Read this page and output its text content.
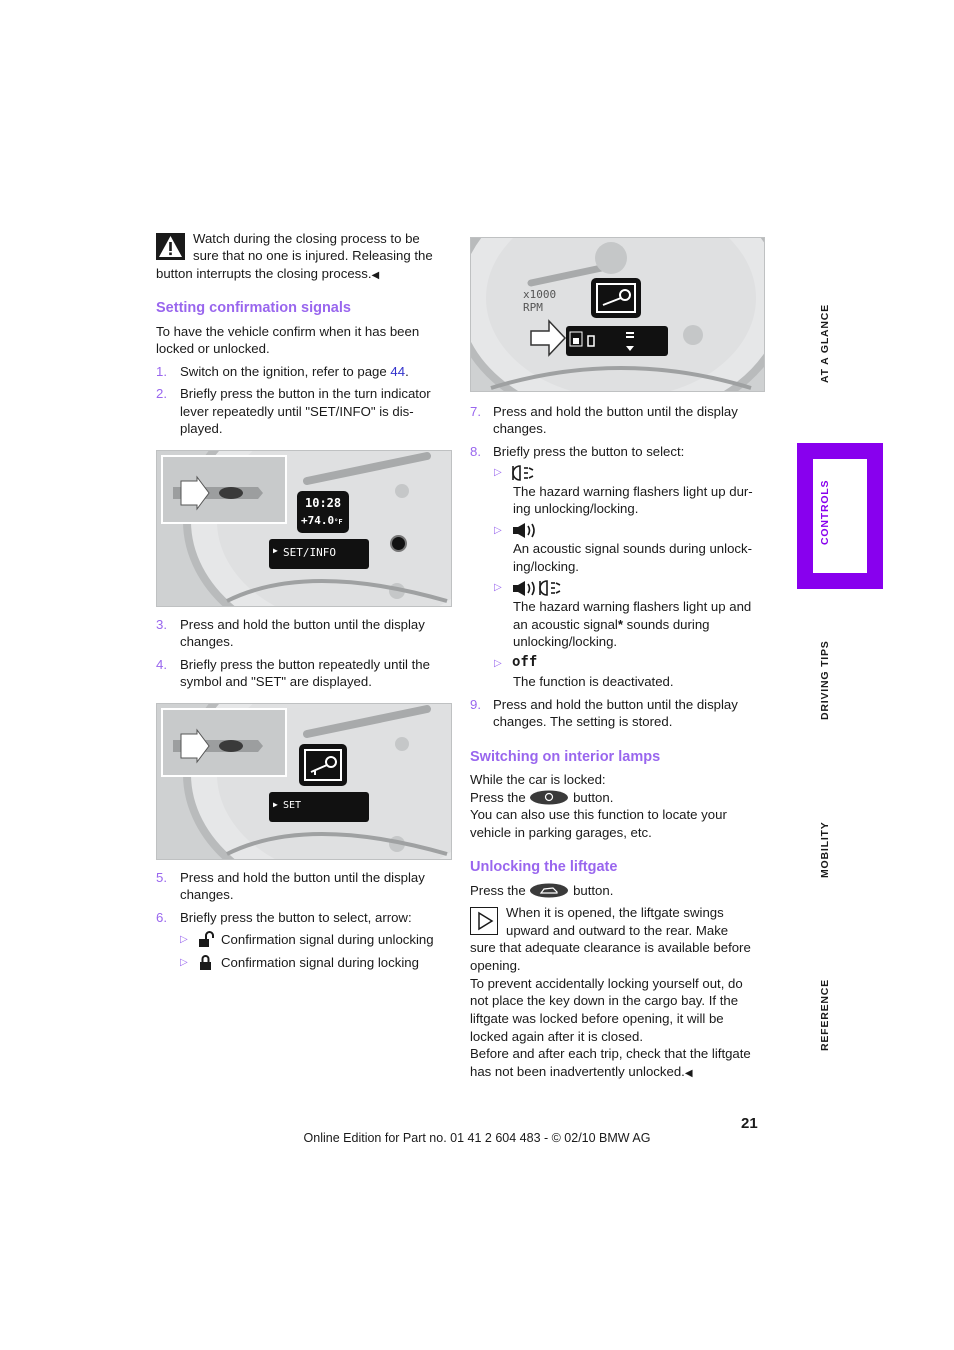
Watch during the closing process to be
sure that no one is injured. Releasing the
button interrupts the closing process.◀
Setting confirmation signals
To have the vehicle confirm when it has been
locked or unlocked.
1. Switch on the ignition, refer to page 44.
2. Briefly press the button in the turn indicator
lever repeatedly until "SET/INFO" is dis-
played.
10:28
+74.0°F
▶ SET/INFO
3. Press and hold the button until the display
changes.
4. Briefly press the button repeatedly until the
symbol and "SET" are displayed.
▶ SET
5. Press and hold the button until the display
changes.
6. Briefly press the button to select, arrow:
▷	Confirmation signal during unlocking
▷	Confirmation signal during locking
x1000
RPM
7. Press and hold the button until the display
changes.
8. Briefly press the button to select:
▷
The hazard warning flashers light up dur-
ing unlocking/locking.
▷
An acoustic signal sounds during unlock-
ing/locking.
▷
The hazard warning flashers light up and
an acoustic signal* sounds during
unlocking/locking.
▷ off
The function is deactivated.
9. Press and hold the button until the display
changes. The setting is stored.
Switching on interior lamps
While the car is locked:
Press the	button.
You can also use this function to locate your
vehicle in parking garages, etc.
Unlocking the liftgate
Press the	button.
When it is opened, the liftgate swings
upward and outward to the rear. Make
sure that adequate clearance is available before
opening.
To prevent accidentally locking yourself out, do
not place the key down in the cargo bay. If the
liftgate was locked before opening, it will be
locked again after it is closed.
Before and after each trip, check that the liftgate
has not been inadvertently unlocked.◀
AT A GLANCE
CONTROLS
DRIVING TIPS
MOBILITY
REFERENCE
21
Online Edition for Part no. 01 41 2 604 483 - © 02/10 BMW AG
